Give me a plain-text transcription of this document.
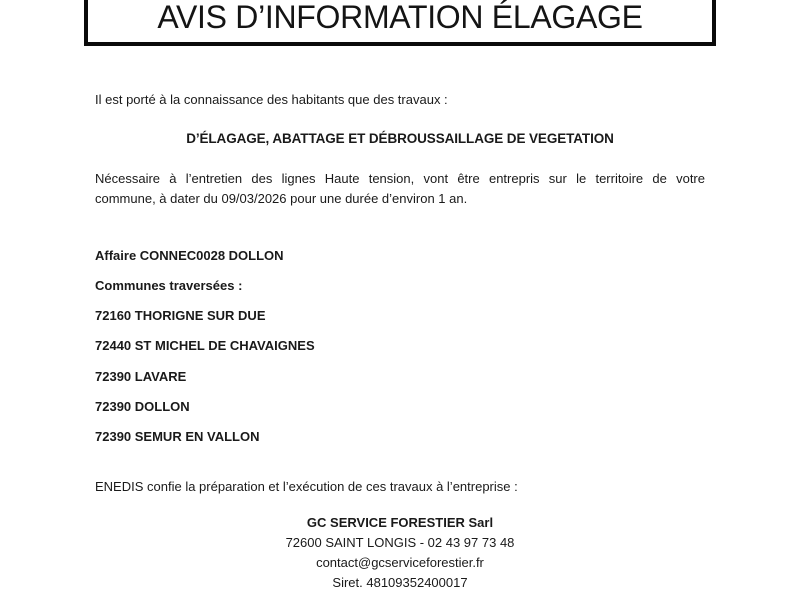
AVIS D’INFORMATION ÉLAGAGE
Il est porté à la connaissance des habitants que des travaux :
D’ÉLAGAGE, ABATTAGE ET DÉBROUSSAILLAGE DE VEGETATION
Nécessaire à l’entretien des lignes Haute tension, vont être entrepris sur le territoire de votre
commune, à dater du 09/03/2026 pour une durée d’environ 1 an.
Affaire CONNEC0028 DOLLON
Communes traversées :
72160 THORIGNE SUR DUE
72440 ST MICHEL DE CHAVAIGNES
72390 LAVARE
72390 DOLLON
72390 SEMUR EN VALLON
ENEDIS confie la préparation et l’exécution de ces travaux à l’entreprise :
GC SERVICE FORESTIER Sarl
72600 SAINT LONGIS - 02 43 97 73 48
contact@gcserviceforestier.fr
Siret. 48109352400017
